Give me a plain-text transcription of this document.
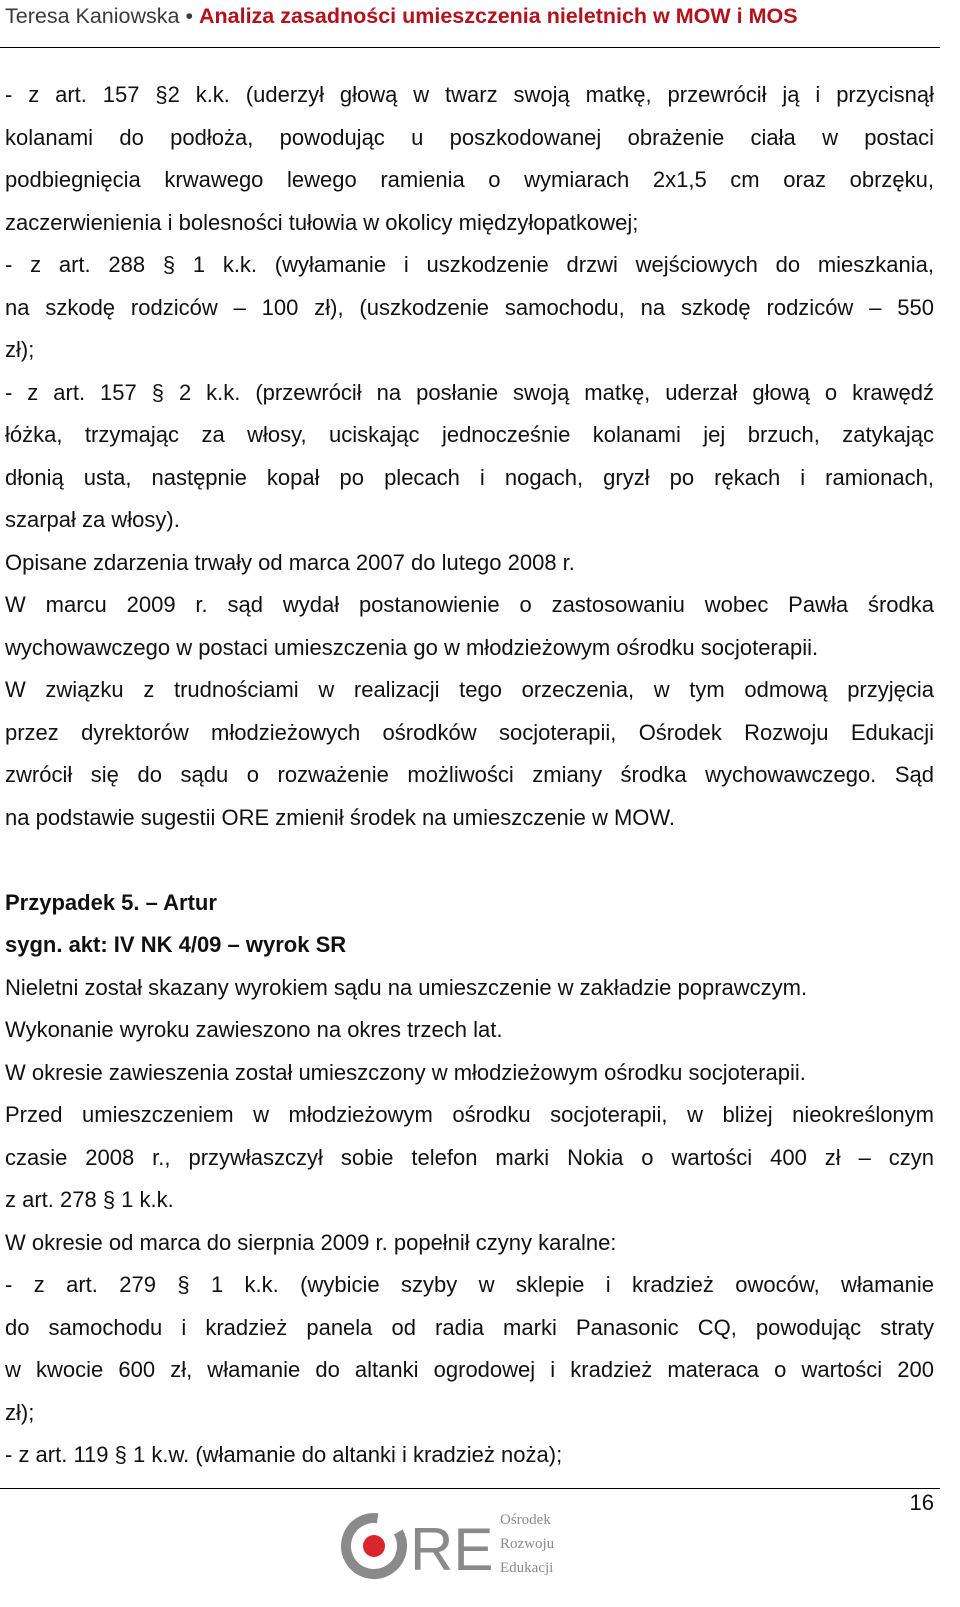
Teresa Kaniowska • Analiza zasadności umieszczenia nieletnich w MOW i MOS
- z art. 157 §2 k.k. (uderzył głową w twarz swoją matkę, przewrócił ją i przycisnął
kolanami do podłoża, powodując u poszkodowanej obrażenie ciała w postaci
podbiegnięcia krwawego lewego ramienia o wymiarach 2x1,5 cm oraz obrzęku,
zaczerwienienia i bolesności tułowia w okolicy międzyłopatkowej;
- z art. 288 § 1 k.k. (wyłamanie i uszkodzenie drzwi wejściowych do mieszkania,
na szkodę rodziców – 100 zł), (uszkodzenie samochodu, na szkodę rodziców – 550
zł);
- z art. 157 § 2 k.k. (przewrócił na posłanie swoją matkę, uderzał głową o krawędź
łóżka, trzymając za włosy, uciskając jednocześnie kolanami jej brzuch, zatykając
dłonią usta, następnie kopał po plecach i nogach, gryzł po rękach i ramionach,
szarpał za włosy).
Opisane zdarzenia trwały od marca 2007 do lutego 2008 r.
W marcu 2009 r. sąd wydał postanowienie o zastosowaniu wobec Pawła środka
wychowawczego w postaci umieszczenia go w młodzieżowym ośrodku socjoterapii.
W związku z trudnościami w realizacji tego orzeczenia, w tym odmową przyjęcia
przez dyrektorów młodzieżowych ośrodków socjoterapii, Ośrodek Rozwoju Edukacji
zwrócił się do sądu o rozważenie możliwości zmiany środka wychowawczego. Sąd
na podstawie sugestii ORE zmienił środek na umieszczenie w MOW.
Przypadek 5. – Artur
sygn. akt: IV NK 4/09 – wyrok SR
Nieletni został skazany wyrokiem sądu na umieszczenie w zakładzie poprawczym.
Wykonanie wyroku zawieszono na okres trzech lat.
W okresie zawieszenia został umieszczony w młodzieżowym ośrodku socjoterapii.
Przed umieszczeniem w młodzieżowym ośrodku socjoterapii, w bliżej nieokreślonym
czasie 2008 r., przywłaszczył sobie telefon marki Nokia o wartości 400 zł – czyn
z art. 278 § 1 k.k.
W okresie od marca do sierpnia 2009 r. popełnił czyny karalne:
- z art. 279 § 1 k.k. (wybicie szyby w sklepie i kradzież owoców, włamanie
do samochodu i kradzież panela od radia marki Panasonic CQ, powodując straty
w kwocie 600 zł, włamanie do altanki ogrodowej i kradzież materaca o wartości 200
zł);
- z art. 119 § 1 k.w. (włamanie do altanki i kradzież noża);
16
RE Ośrodek
Rozwoju
Edukacji
